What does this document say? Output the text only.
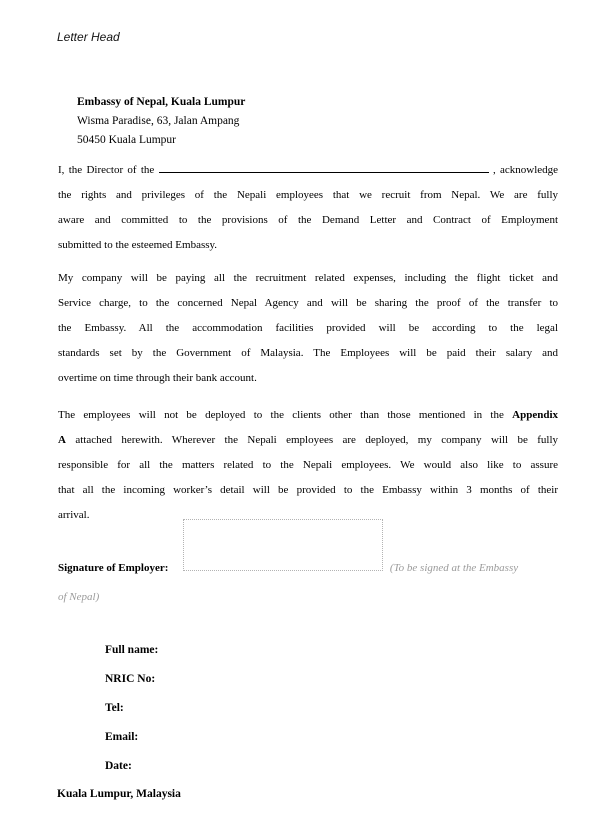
Letter Head
Embassy of Nepal, Kuala Lumpur
Wisma Paradise, 63, Jalan Ampang
50450 Kuala Lumpur
I, the Director of the	, acknowledge
the rights and privileges of the Nepali employees that we recruit from Nepal. We are fully
aware and committed to the provisions of the Demand Letter and Contract of Employment
submitted to the esteemed Embassy.
My company will be paying all the recruitment related expenses, including the flight ticket and
Service charge, to the concerned Nepal Agency and will be sharing the proof of the transfer to
the Embassy. All the accommodation facilities provided will be according to the legal
standards set by the Government of Malaysia. The Employees will be paid their salary and
overtime on time through their bank account.
The employees will not be deployed to the clients other than those mentioned in the Appendix
A attached herewith. Wherever the Nepali employees are deployed, my company will be fully
responsible for all the matters related to the Nepali employees. We would also like to assure
that all the incoming worker’s detail will be provided to the Embassy within 3 months of their
arrival.
Signature of Employer:	(To be signed at the Embassy
of Nepal)
Full name:
NRIC No:
Tel:
Email:
Date:
Kuala Lumpur, Malaysia
